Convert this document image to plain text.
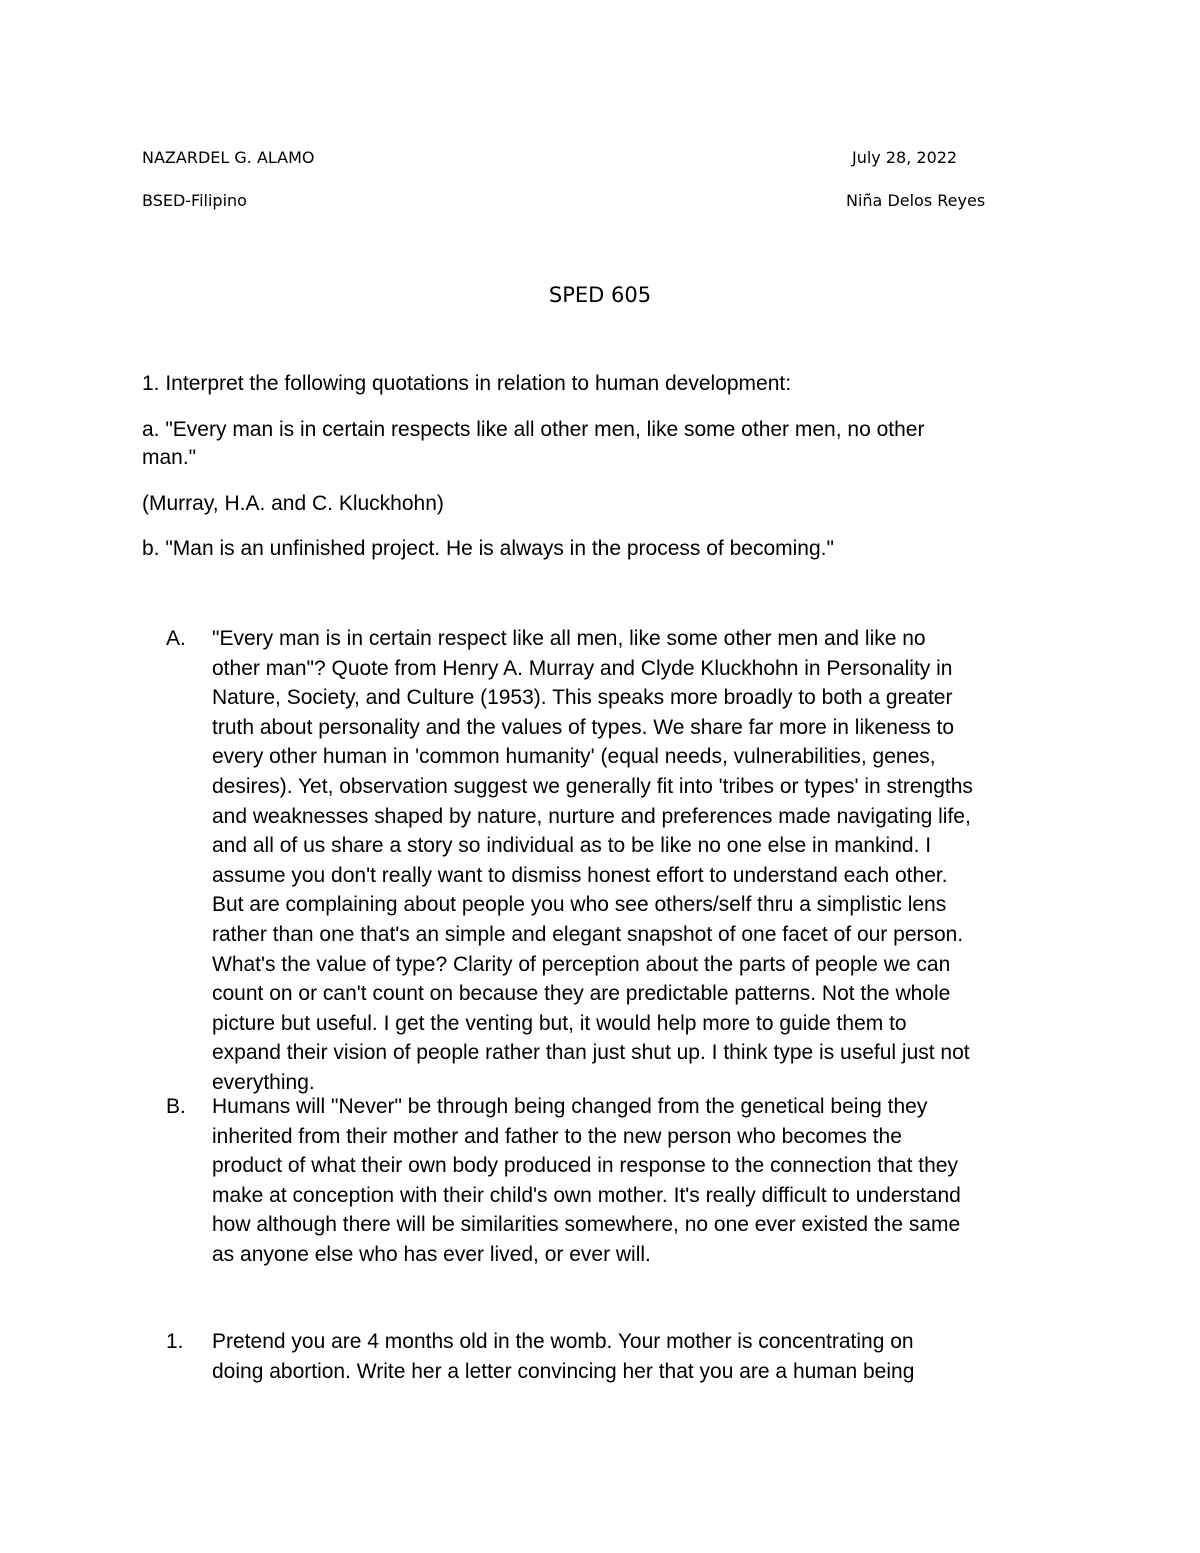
NAZARDEL G. ALAMO	July 28, 2022
BSED-Filipino	Niña Delos Reyes
SPED 605
1. Interpret the following quotations in relation to human development:
a. "Every man is in certain respects like all other men, like some other men, no other
man."
(Murray, H.A. and C. Kluckhohn)
b. "Man is an unfinished project. He is always in the process of becoming."
A. "Every man is in certain respect like all men, like some other men and like no
other man"? Quote from Henry A. Murray and Clyde Kluckhohn in Personality in
Nature, Society, and Culture (1953). This speaks more broadly to both a greater
truth about personality and the values of types. We share far more in likeness to
every other human in 'common humanity' (equal needs, vulnerabilities, genes,
desires). Yet, observation suggest we generally fit into 'tribes or types' in strengths
and weaknesses shaped by nature, nurture and preferences made navigating life,
and all of us share a story so individual as to be like no one else in mankind. I
assume you don't really want to dismiss honest effort to understand each other.
But are complaining about people you who see others/self thru a simplistic lens
rather than one that's an simple and elegant snapshot of one facet of our person.
What's the value of type? Clarity of perception about the parts of people we can
count on or can't count on because they are predictable patterns. Not the whole
picture but useful. I get the venting but, it would help more to guide them to
expand their vision of people rather than just shut up. I think type is useful just not
everything.
B. Humans will "Never" be through being changed from the genetical being they
inherited from their mother and father to the new person who becomes the
product of what their own body produced in response to the connection that they
make at conception with their child's own mother. It's really difficult to understand
how although there will be similarities somewhere, no one ever existed the same
as anyone else who has ever lived, or ever will.
1. Pretend you are 4 months old in the womb. Your mother is concentrating on
doing abortion. Write her a letter convincing her that you are a human being
